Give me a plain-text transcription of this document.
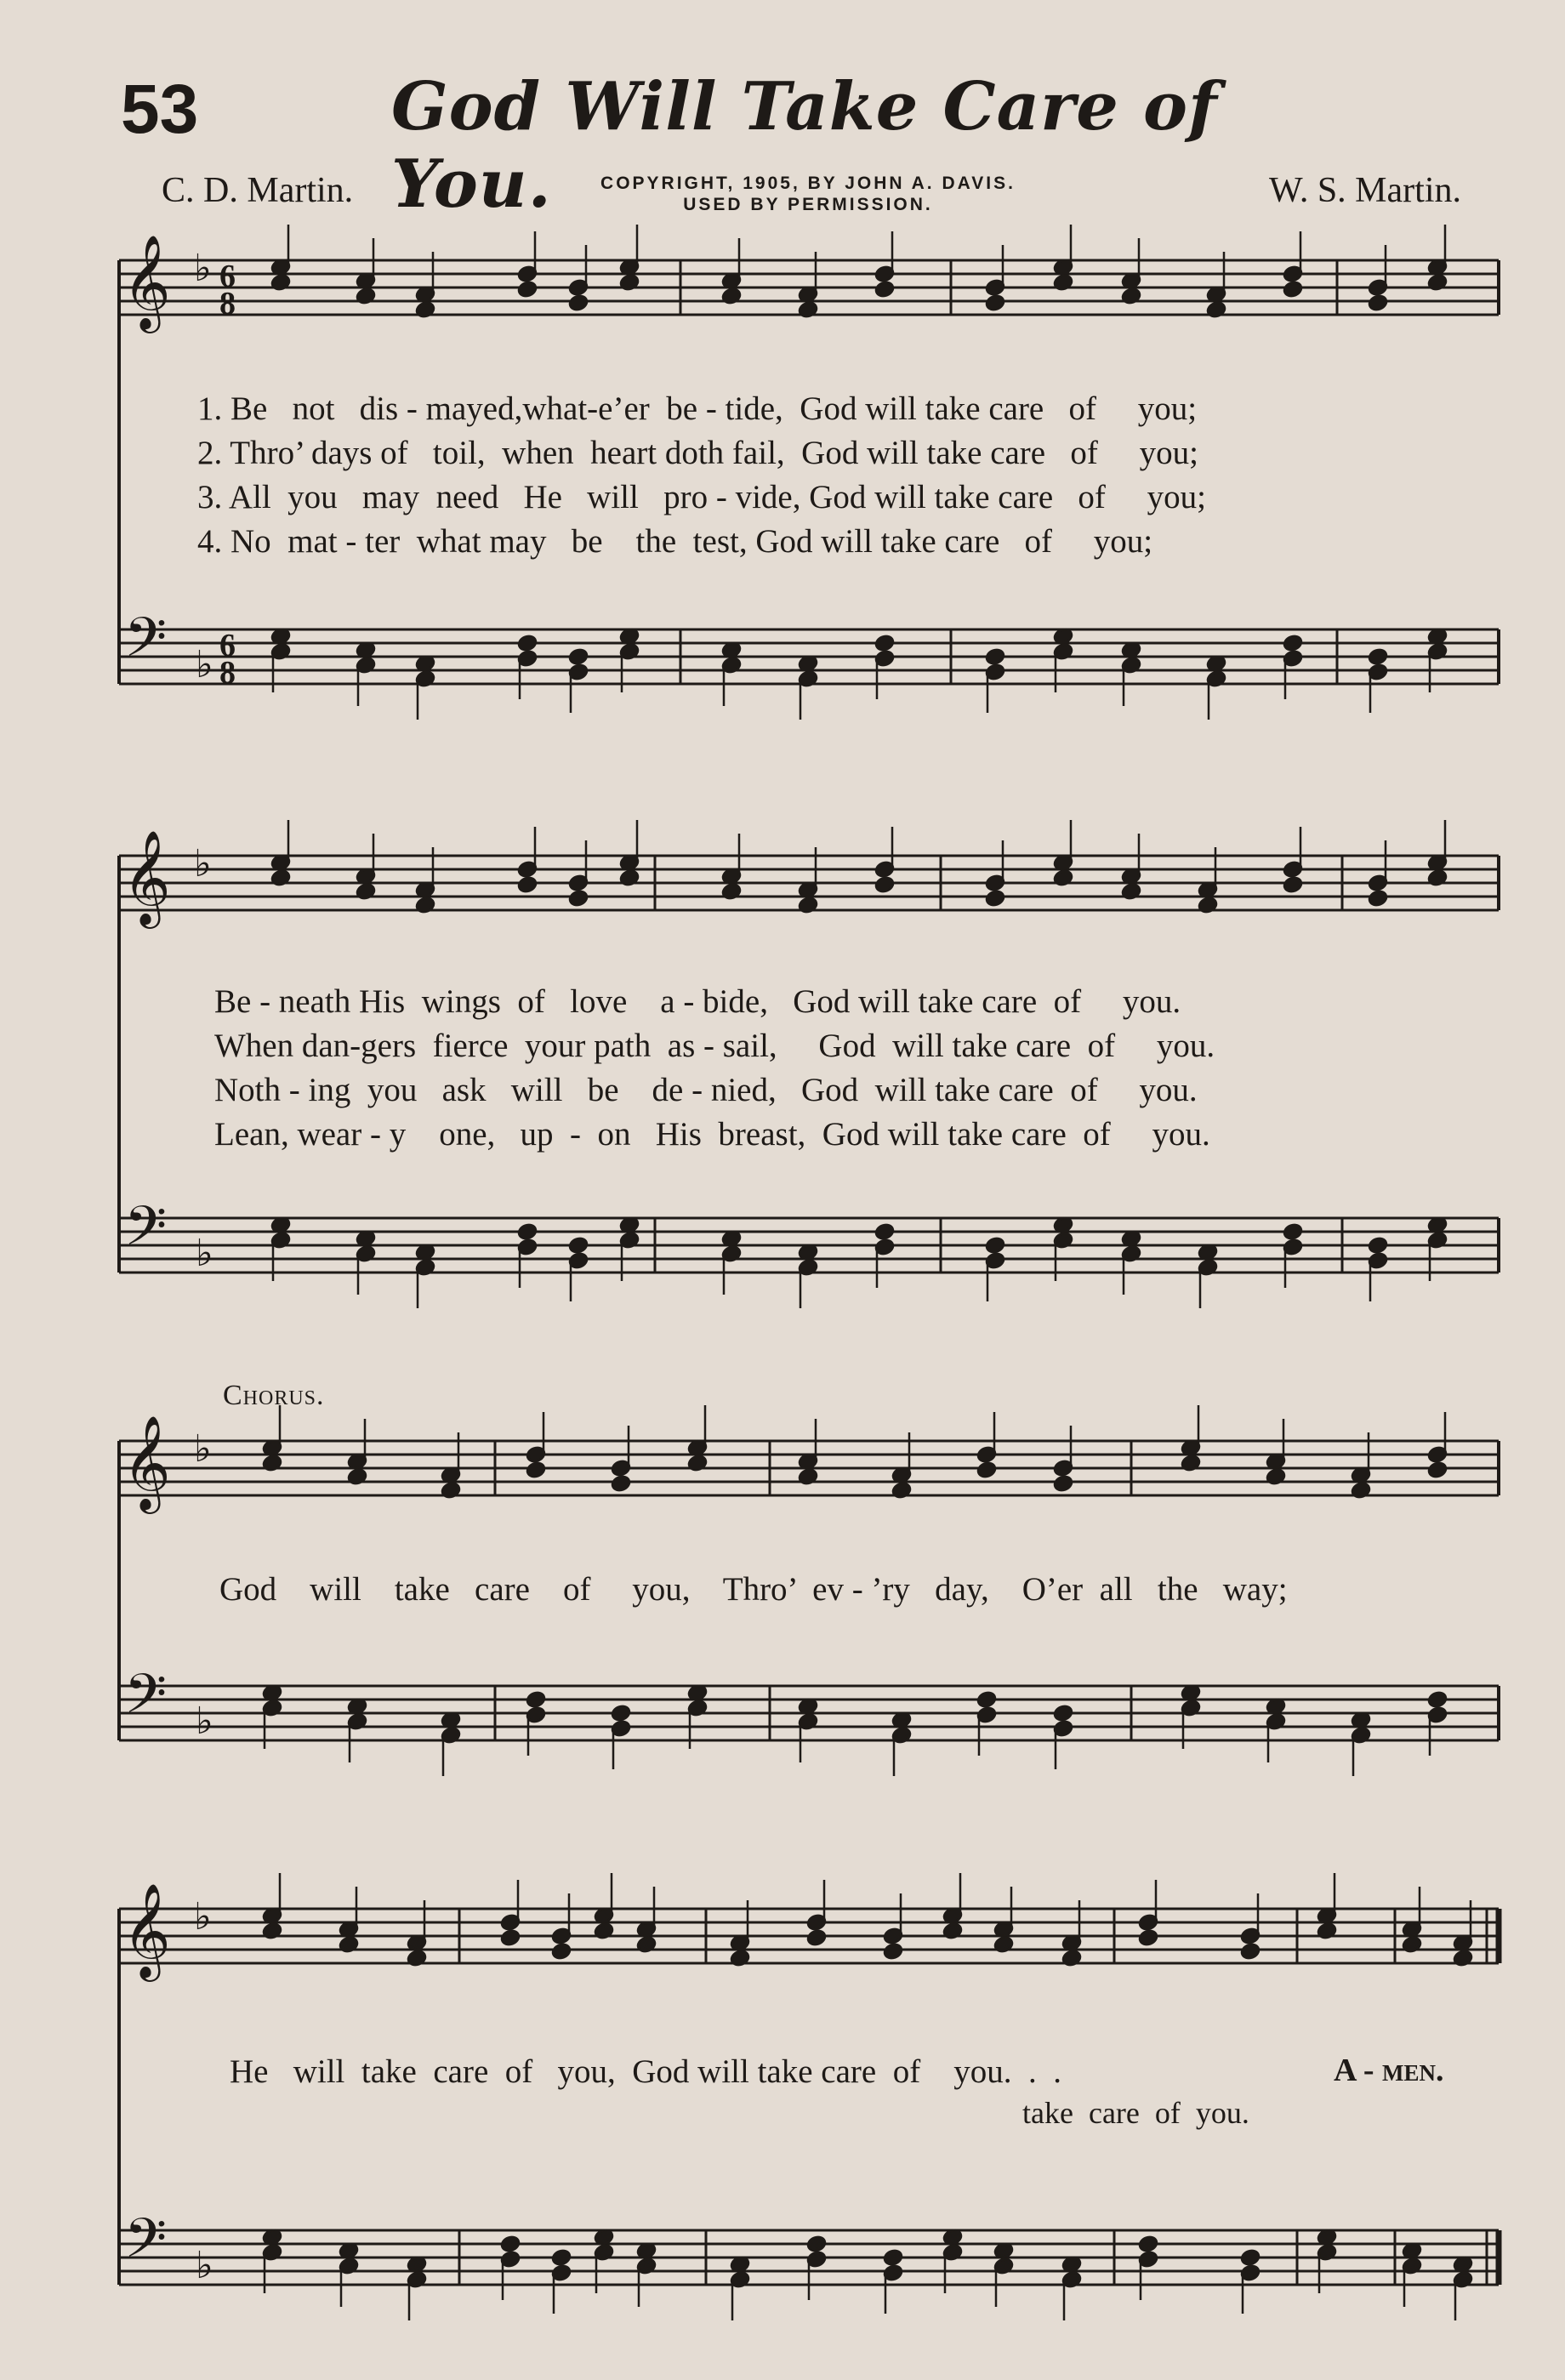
53	God Will Take Care of You.
C. D. Martin.	W. S. Martin.
COPYRIGHT, 1905, BY JOHN A. DAVIS.
USED BY PERMISSION.
𝄞
𝄢
♭
♭
6
8
6
8
𝄞
𝄢
♭
♭
𝄞
𝄢
♭
♭
𝄞
𝄢
♭
♭
1. Be   not   dis - mayed,what-e’er  be - tide,  God will take care   of     you;
2. Thro’ days of   toil,  when  heart doth fail,  God will take care   of     you;
3. All  you   may  need   He   will   pro - vide, God will take care   of     you;
4. No  mat - ter  what may   be    the  test, God will take care   of     you;
Be - neath His  wings  of   love    a - bide,   God will take care  of     you.
When dan-gers  fierce  your path  as - sail,     God  will take care  of     you.
Noth - ing  you   ask   will   be    de - nied,   God  will take care  of     you.
Lean, wear - y    one,   up  -  on   His  breast,  God will take care  of     you.
Chorus.
God    will    take   care    of     you,    Thro’  ev - ’ry   day,    O’er  all   the   way;
He   will  take  care  of   you,  God will take care  of    you.  .  .
take  care  of  you.
A - men.
